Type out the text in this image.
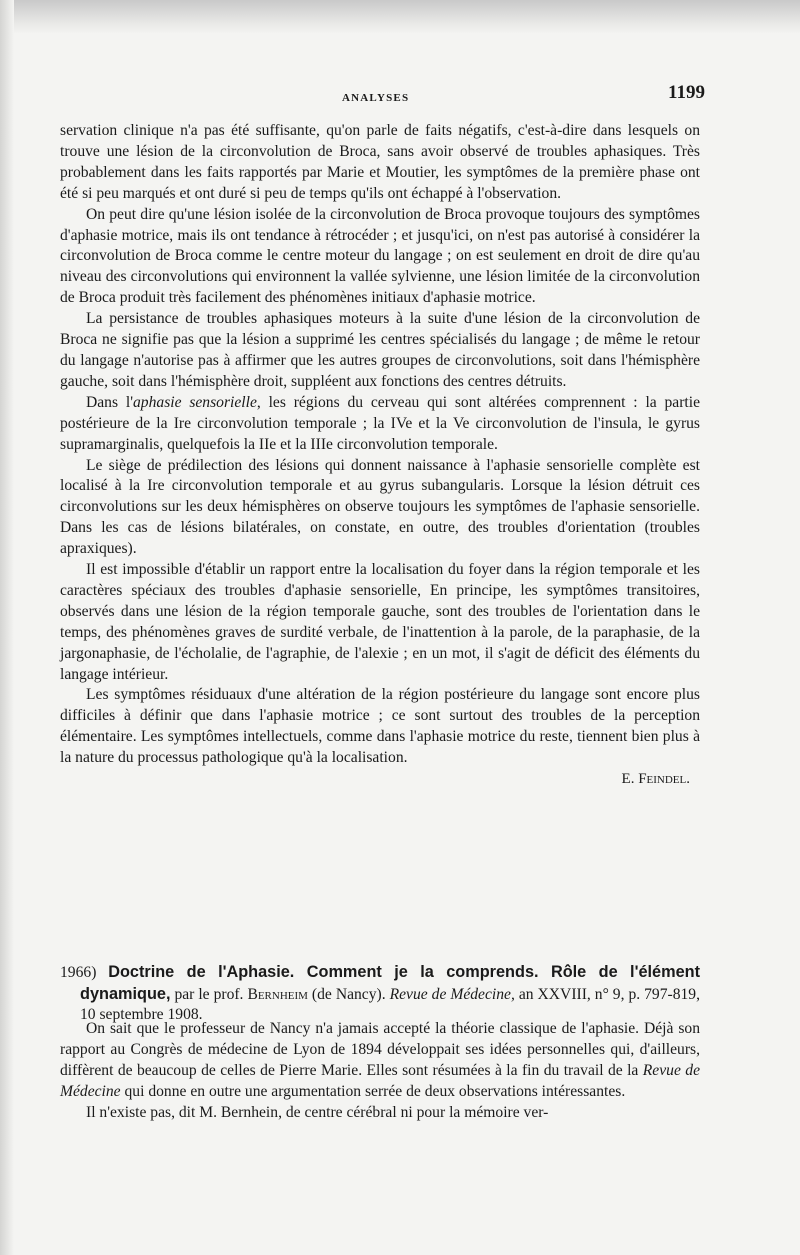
ANALYSES	1199

servation clinique n'a pas été suffisante, qu'on parle de faits négatifs, c'est-à-dire dans lesquels on trouve une lésion de la circonvolution de Broca, sans avoir observé de troubles aphasiques. Très probablement dans les faits rapportés par Marie et Moutier, les symptômes de la première phase ont été si peu marqués et ont duré si peu de temps qu'ils ont échappé à l'observation.

On peut dire qu'une lésion isolée de la circonvolution de Broca provoque toujours des symptômes d'aphasie motrice, mais ils ont tendance à rétrocéder ; et jusqu'ici, on n'est pas autorisé à considérer la circonvolution de Broca comme le centre moteur du langage ; on est seulement en droit de dire qu'au niveau des circonvolutions qui environnent la vallée sylvienne, une lésion limitée de la circonvolution de Broca produit très facilement des phénomènes initiaux d'aphasie motrice.

La persistance de troubles aphasiques moteurs à la suite d'une lésion de la circonvolution de Broca ne signifie pas que la lésion a supprimé les centres spécialisés du langage ; de même le retour du langage n'autorise pas à affirmer que les autres groupes de circonvolutions, soit dans l'hémisphère gauche, soit dans l'hémisphère droit, suppléent aux fonctions des centres détruits.

Dans l'aphasie sensorielle, les régions du cerveau qui sont altérées comprennent : la partie postérieure de la Ire circonvolution temporale ; la IVe et la Ve circonvolution de l'insula, le gyrus supramarginalis, quelquefois la IIe et la IIIe circonvolution temporale.

Le siège de prédilection des lésions qui donnent naissance à l'aphasie sensorielle complète est localisé à la Ire circonvolution temporale et au gyrus subangularis. Lorsque la lésion détruit ces circonvolutions sur les deux hémisphères on observe toujours les symptômes de l'aphasie sensorielle. Dans les cas de lésions bilatérales, on constate, en outre, des troubles d'orientation (troubles apraxiques).

Il est impossible d'établir un rapport entre la localisation du foyer dans la région temporale et les caractères spéciaux des troubles d'aphasie sensorielle, En principe, les symptômes transitoires, observés dans une lésion de la région temporale gauche, sont des troubles de l'orientation dans le temps, des phénomènes graves de surdité verbale, de l'inattention à la parole, de la paraphasie, de la jargonaphasie, de l'écholalie, de l'agraphie, de l'alexie ; en un mot, il s'agit de déficit des éléments du langage intérieur.

Les symptômes résiduaux d'une altération de la région postérieure du langage sont encore plus difficiles à définir que dans l'aphasie motrice ; ce sont surtout des troubles de la perception élémentaire. Les symptômes intellectuels, comme dans l'aphasie motrice du reste, tiennent bien plus à la nature du processus pathologique qu'à la localisation.

E. Feindel.

1966) Doctrine de l'Aphasie. Comment je la comprends. Rôle de l'élément dynamique, par le prof. Bernheim (de Nancy). Revue de Médecine, an XXVIII, n° 9, p. 797-819, 10 septembre 1908.

On sait que le professeur de Nancy n'a jamais accepté la théorie classique de l'aphasie. Déjà son rapport au Congrès de médecine de Lyon de 1894 développait ses idées personnelles qui, d'ailleurs, diffèrent de beaucoup de celles de Pierre Marie. Elles sont résumées à la fin du travail de la Revue de Médecine qui donne en outre une argumentation serrée de deux observations intéressantes.

Il n'existe pas, dit M. Bernhein, de centre cérébral ni pour la mémoire ver-
